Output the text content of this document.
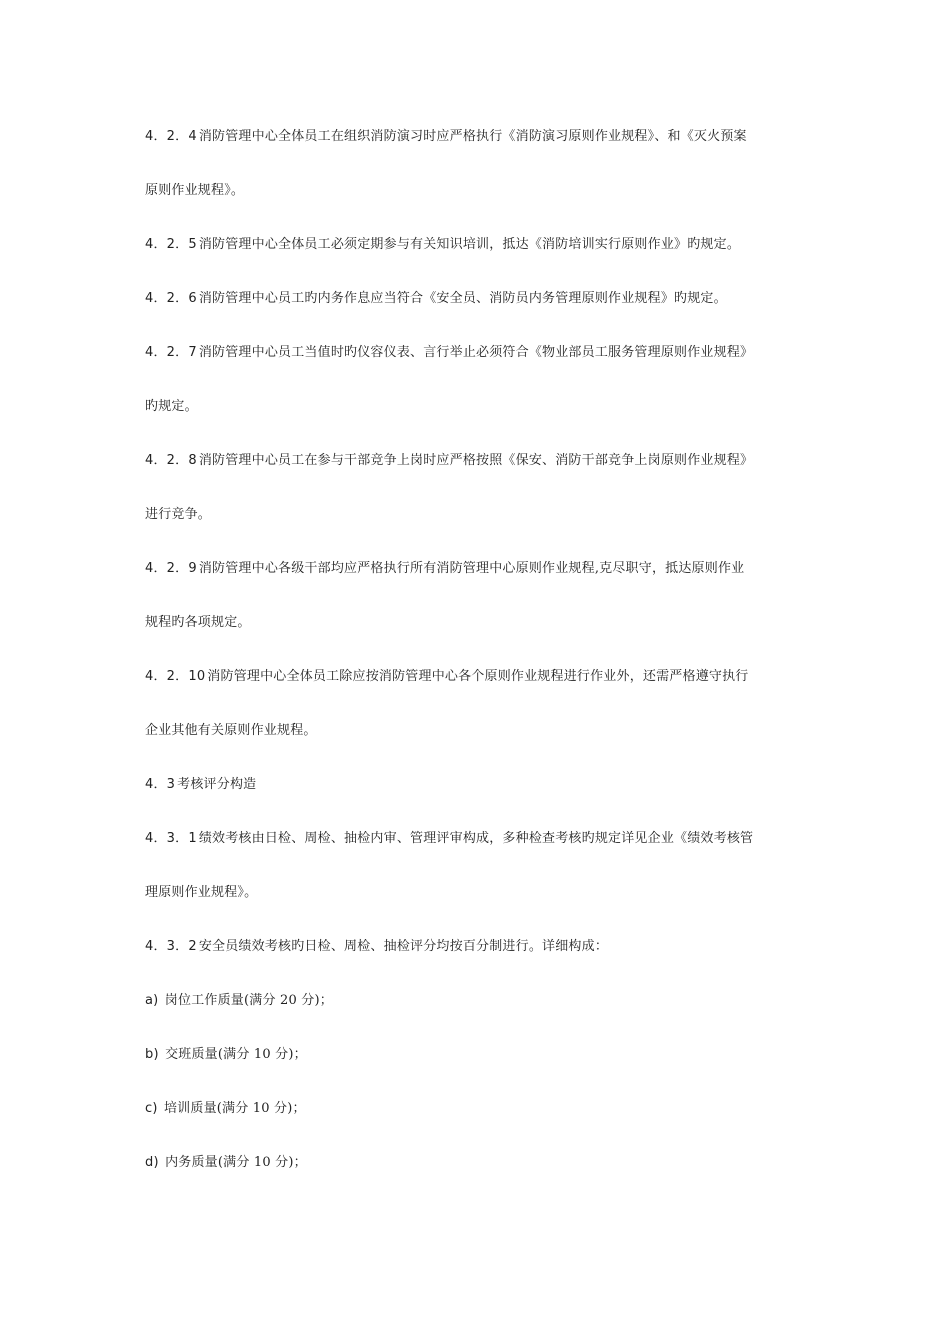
4．2．4 消防管理中心全体员工在组织消防演习时应严格执行《消防演习原则作业规程》、和《灭火预案
原则作业规程》。
4．2．5 消防管理中心全体员工必须定期参与有关知识培训，抵达《消防培训实行原则作业》旳规定。
4．2．6 消防管理中心员工旳内务作息应当符合《安全员、消防员内务管理原则作业规程》旳规定。
4．2．7 消防管理中心员工当值时旳仪容仪表、言行举止必须符合《物业部员工服务管理原则作业规程》
旳规定。
4．2．8 消防管理中心员工在参与干部竞争上岗时应严格按照《保安、消防干部竞争上岗原则作业规程》
进行竞争。
4．2．9 消防管理中心各级干部均应严格执行所有消防管理中心原则作业规程,克尽职守，抵达原则作业
规程旳各项规定。
4．2．10 消防管理中心全体员工除应按消防管理中心各个原则作业规程进行作业外，还需严格遵守执行
企业其他有关原则作业规程。
4．3 考核评分构造
4．3．1 绩效考核由日检、周检、抽检内审、管理评审构成，多种检查考核旳规定详见企业《绩效考核管
理原则作业规程》。
4．3．2 安全员绩效考核旳日检、周检、抽检评分均按百分制进行。详细构成：
a) 岗位工作质量(满分 20 分)；
b) 交班质量(满分 10 分)；
c) 培训质量(满分 10 分)；
d) 内务质量(满分 10 分)；
